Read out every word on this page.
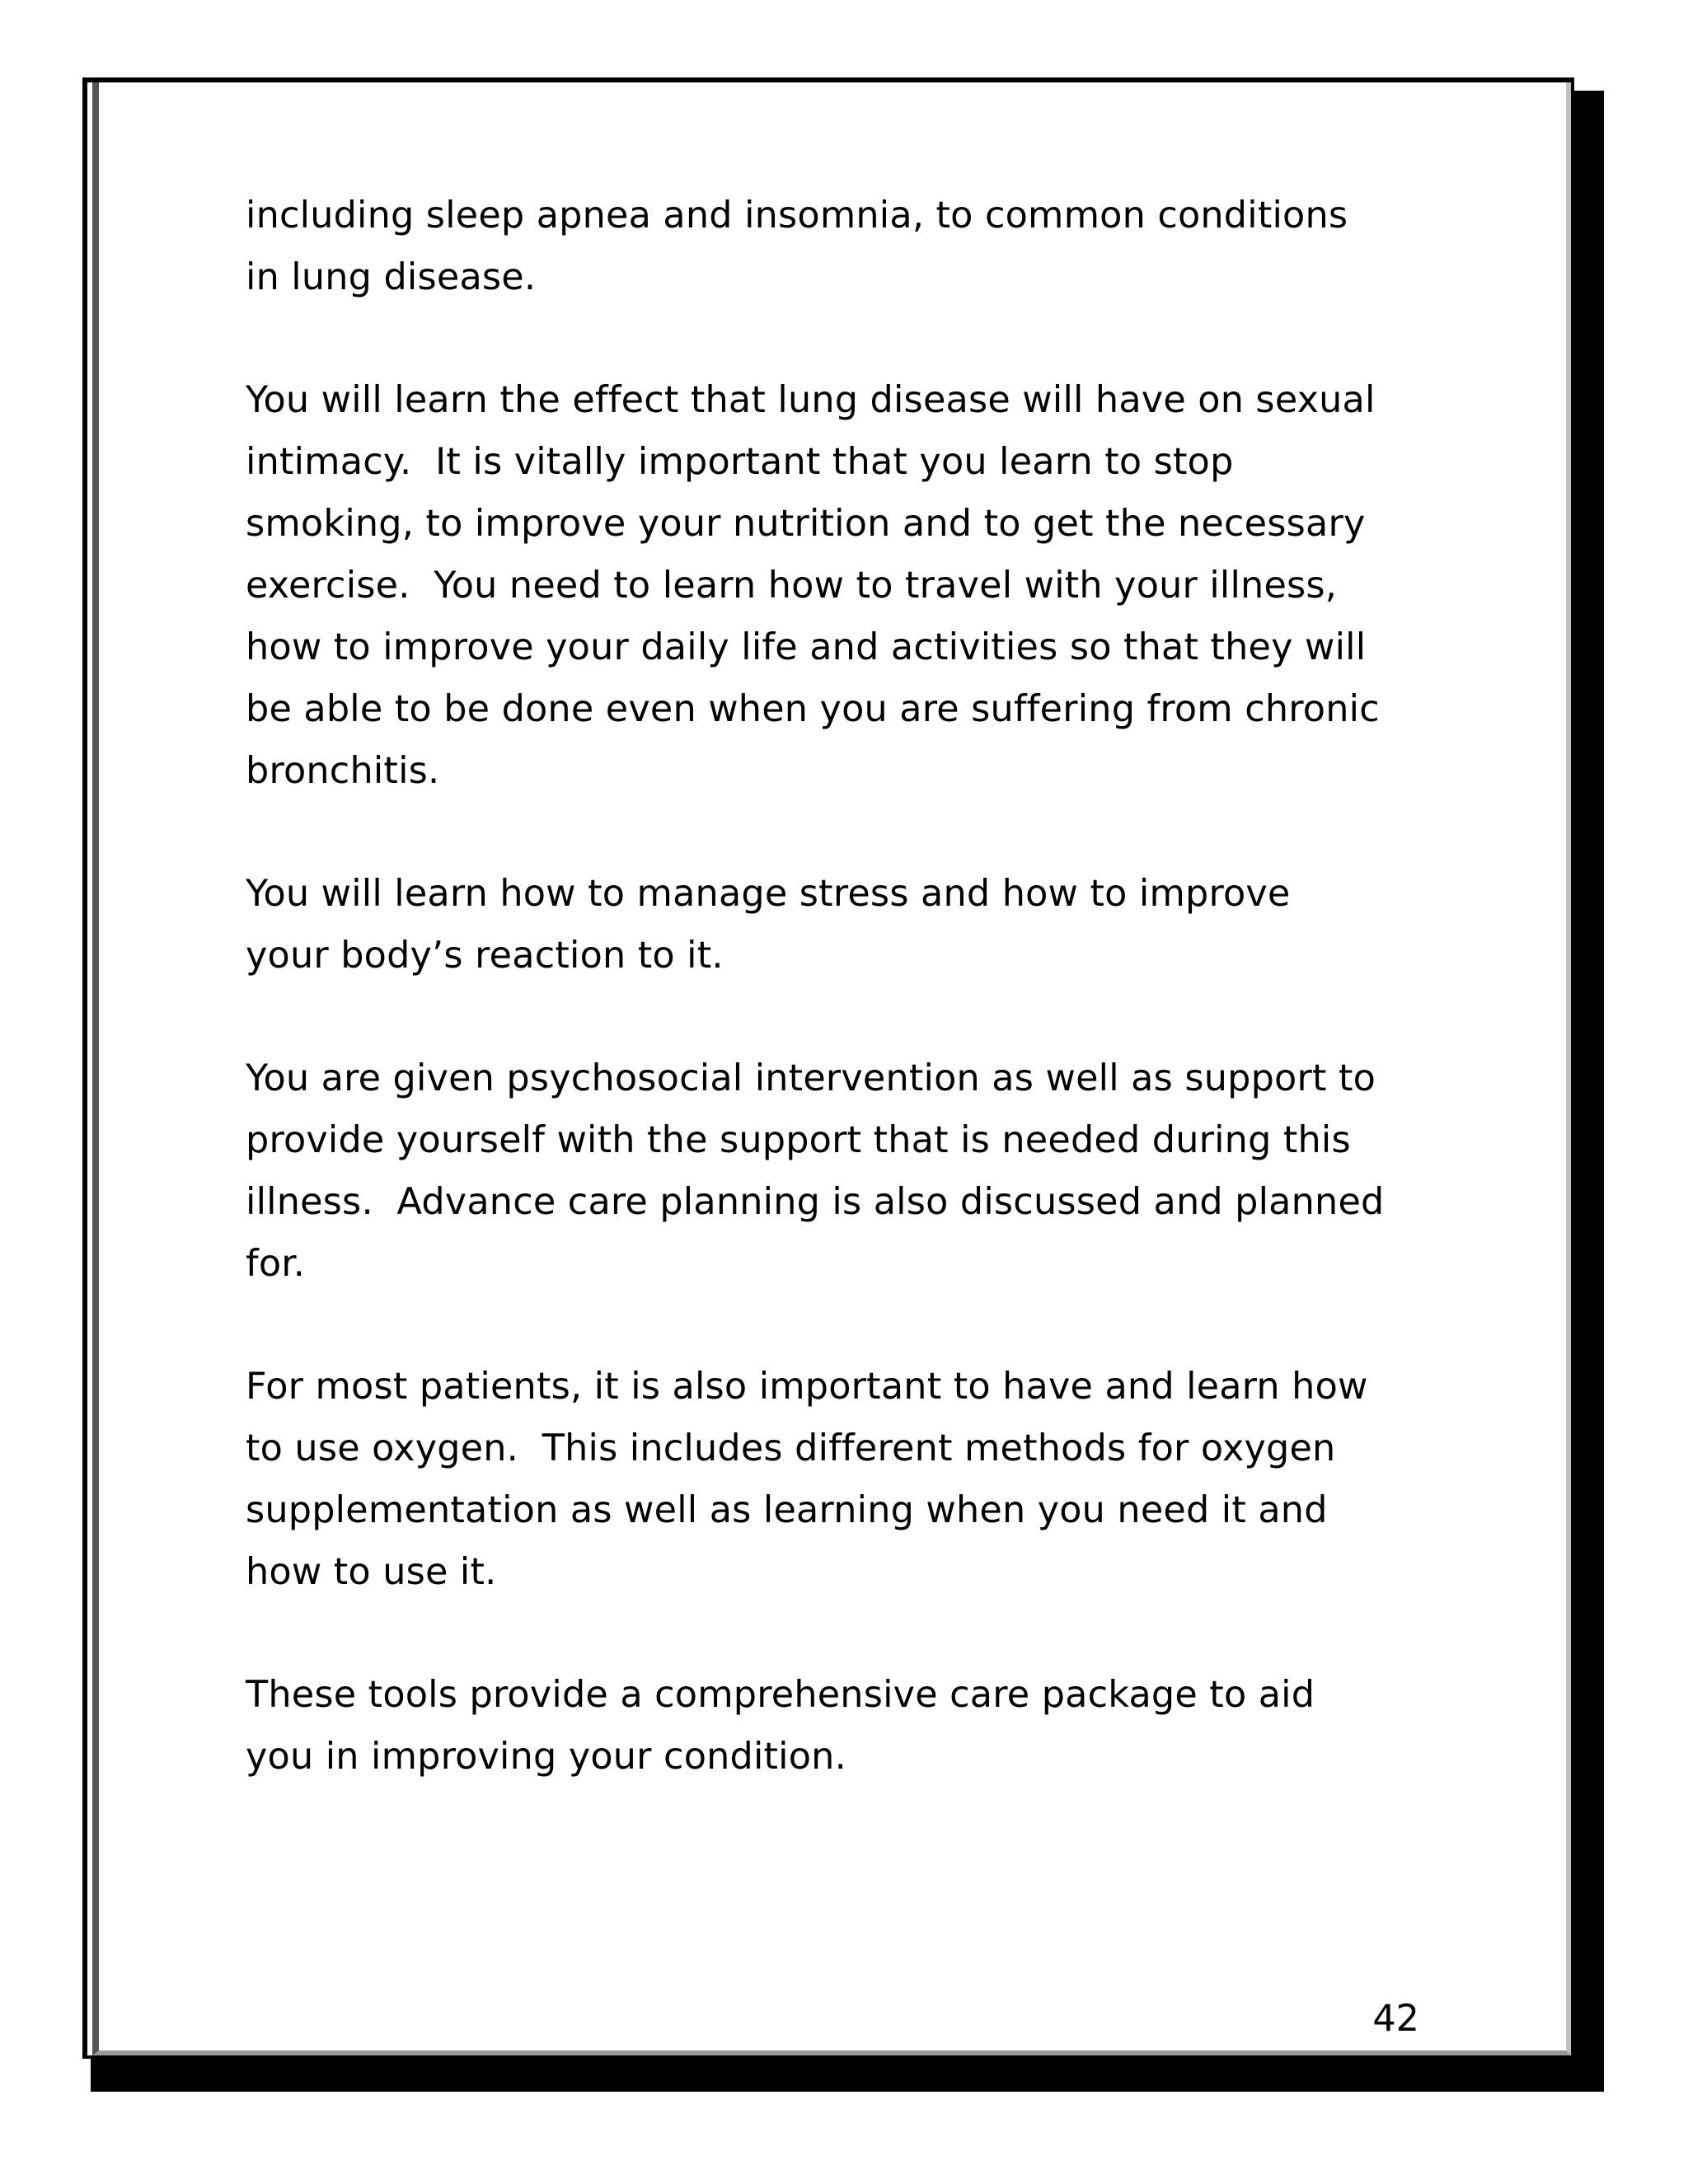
including sleep apnea and insomnia, to common conditions
in lung disease.

You will learn the effect that lung disease will have on sexual
intimacy.  It is vitally important that you learn to stop
smoking, to improve your nutrition and to get the necessary
exercise.  You need to learn how to travel with your illness,
how to improve your daily life and activities so that they will
be able to be done even when you are suffering from chronic
bronchitis.

You will learn how to manage stress and how to improve
your body’s reaction to it.

You are given psychosocial intervention as well as support to
provide yourself with the support that is needed during this
illness.  Advance care planning is also discussed and planned
for.

For most patients, it is also important to have and learn how
to use oxygen.  This includes different methods for oxygen
supplementation as well as learning when you need it and
how to use it.

These tools provide a comprehensive care package to aid
you in improving your condition.

42
